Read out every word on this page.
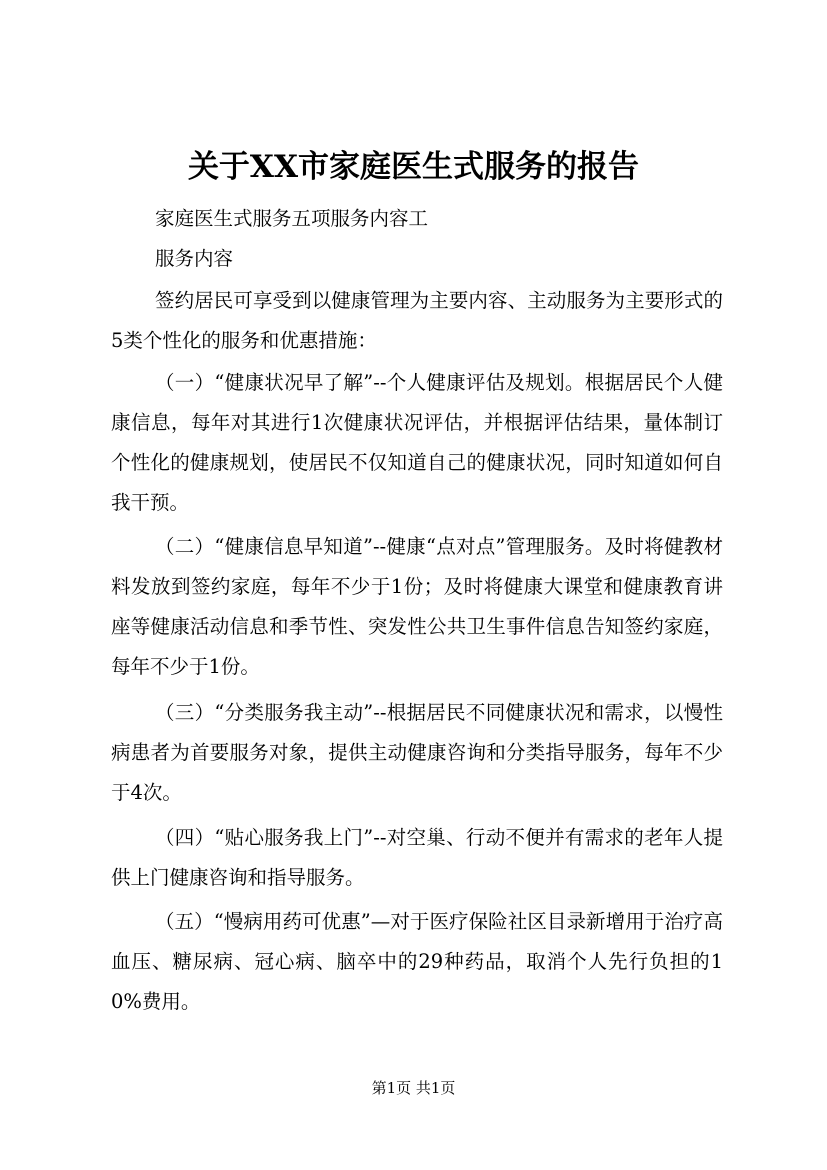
关于XX市家庭医生式服务的报告

家庭医生式服务五项服务内容工

服务内容

签约居民可享受到以健康管理为主要内容、主动服务为主要形式的5类个性化的服务和优惠措施：

（一）“健康状况早了解”--个人健康评估及规划。根据居民个人健康信息，每年对其进行1次健康状况评估，并根据评估结果，量体制订个性化的健康规划，使居民不仅知道自己的健康状况，同时知道如何自我干预。

（二）“健康信息早知道”--健康“点对点”管理服务。及时将健教材料发放到签约家庭，每年不少于1份；及时将健康大课堂和健康教育讲座等健康活动信息和季节性、突发性公共卫生事件信息告知签约家庭，每年不少于1份。

（三）“分类服务我主动”--根据居民不同健康状况和需求，以慢性病患者为首要服务对象，提供主动健康咨询和分类指导服务，每年不少于4次。

（四）“贴心服务我上门”--对空巢、行动不便并有需求的老年人提供上门健康咨询和指导服务。

（五）“慢病用药可优惠”—对于医疗保险社区目录新增用于治疗高血压、糖尿病、冠心病、脑卒中的29种药品，取消个人先行负担的10%费用。

第1页 共1页
